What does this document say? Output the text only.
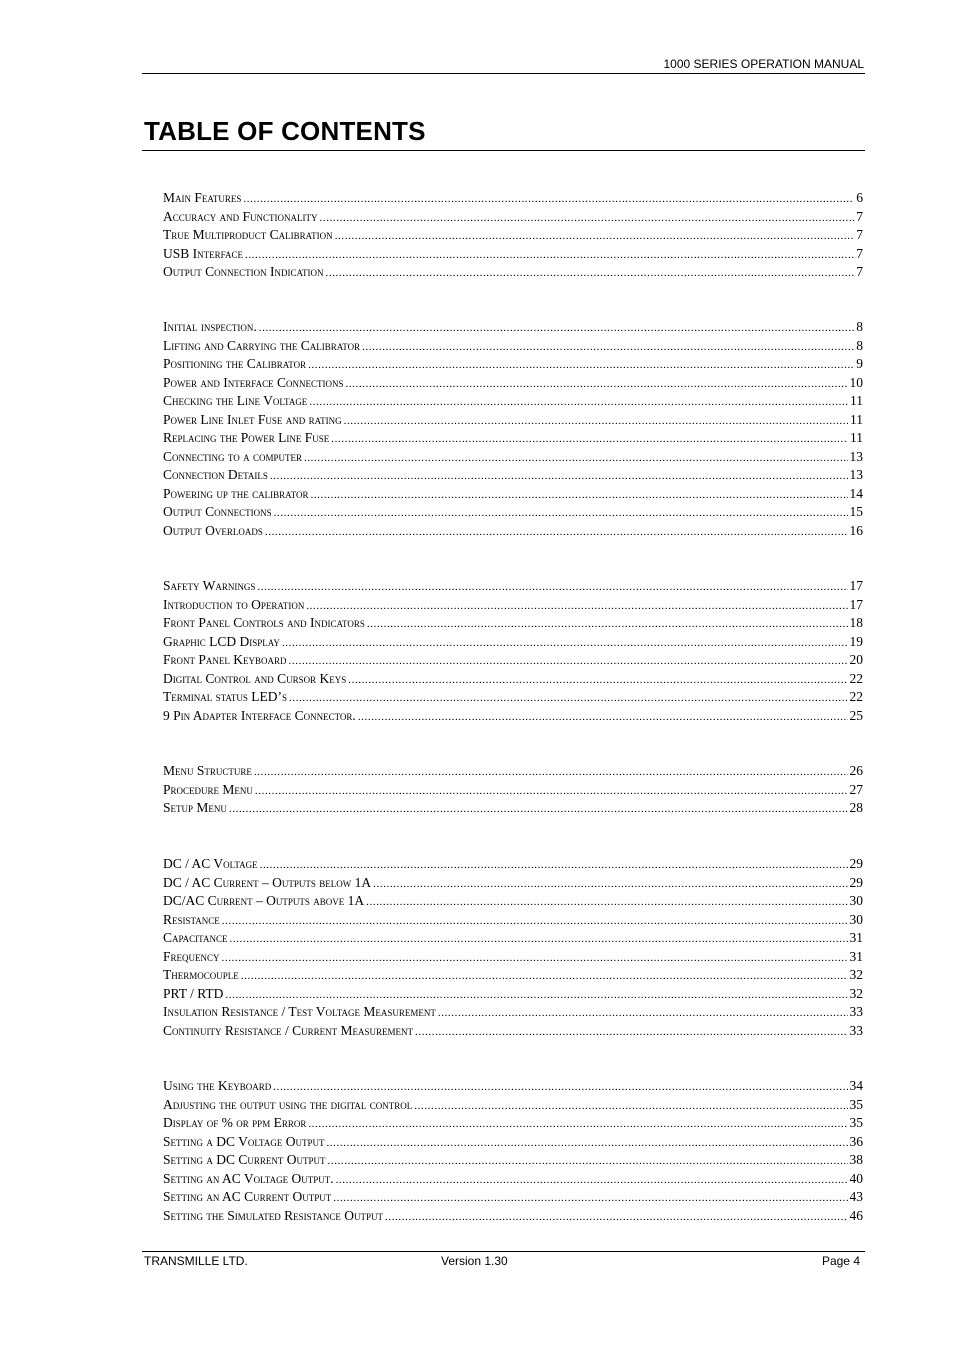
1000 SERIES OPERATION MANUAL
TABLE OF CONTENTS
Main Features .....	6
Accuracy and Functionality .....	7
True Multiproduct Calibration .....	7
USB Interface .....	7
Output Connection Indication .....	7
Initial inspection. .....	8
Lifting and Carrying the Calibrator .....	8
Positioning the Calibrator .....	9
Power and Interface Connections .....	10
Checking the Line Voltage .....	11
Power Line Inlet Fuse and rating .....	11
Replacing the Power Line Fuse .....	11
Connecting to a computer .....	13
Connection Details .....	13
Powering up the calibrator .....	14
Output Connections .....	15
Output Overloads .....	16
Safety Warnings .....	17
Introduction to Operation .....	17
Front Panel Controls and Indicators .....	18
Graphic LCD Display .....	19
Front Panel Keyboard .....	20
Digital Control and Cursor Keys .....	22
Terminal status LED’s .....	22
9 Pin Adapter Interface Connector. .....	25
Menu Structure .....	26
Procedure Menu .....	27
Setup Menu .....	28
DC / AC Voltage .....	29
DC / AC Current – Outputs below 1A .....	29
DC/AC Current – Outputs above 1A .....	30
Resistance .....	30
Capacitance .....	31
Frequency .....	31
Thermocouple .....	32
PRT / RTD .....	32
Insulation Resistance / Test Voltage Measurement .....	33
Continuity Resistance / Current Measurement .....	33
Using the Keyboard .....	34
Adjusting the output using the digital control .....	35
Display of % or ppm Error .....	35
Setting a DC Voltage Output .....	36
Setting a DC Current Output .....	38
Setting an AC Voltage Output. .....	40
Setting an AC Current Output .....	43
Setting the Simulated Resistance Output .....	46
TRANSMILLE LTD.	Version 1.30	Page 4
